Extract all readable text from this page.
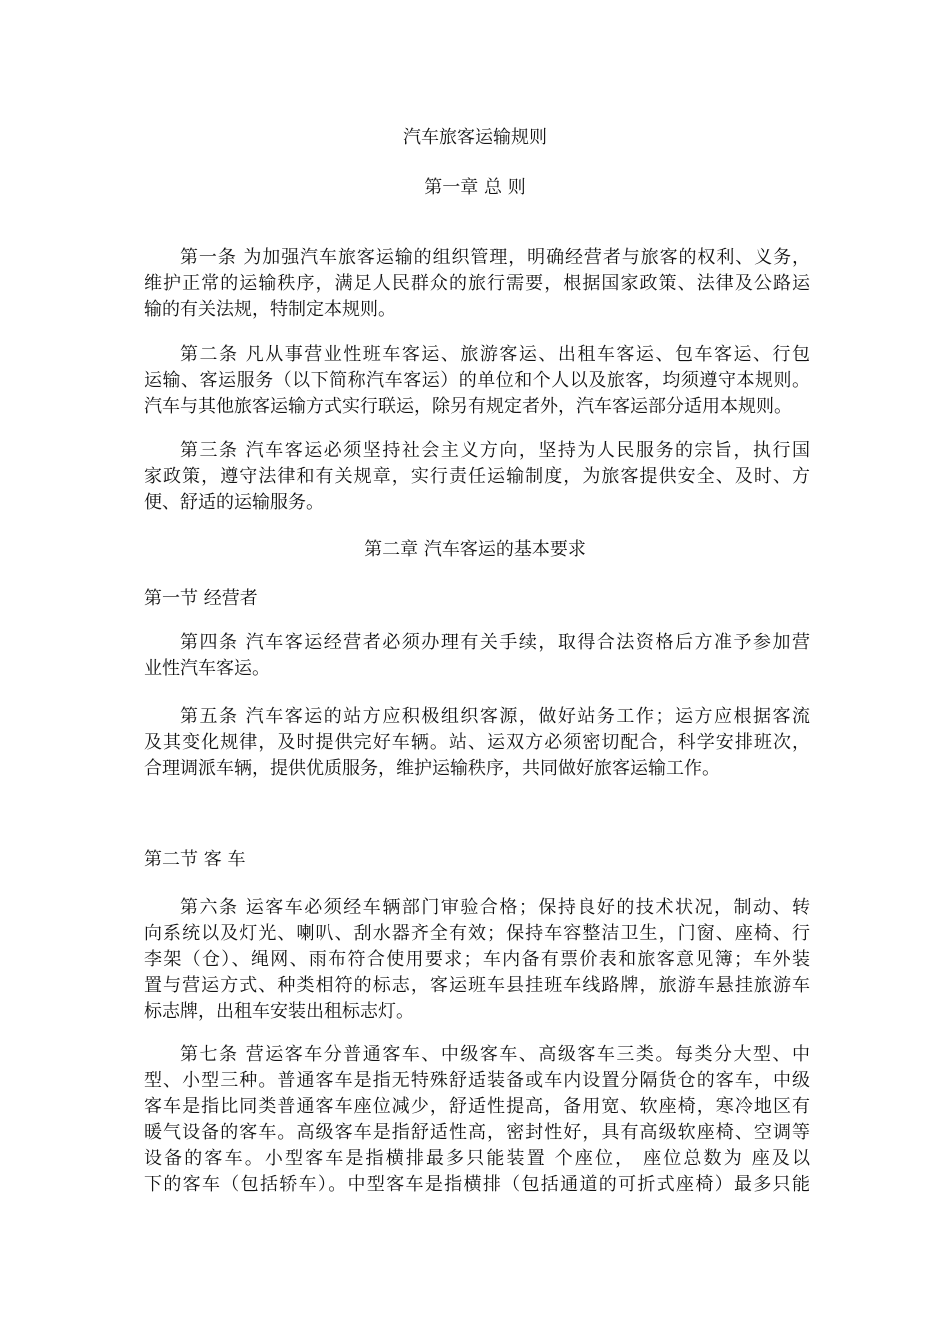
汽车旅客运输规则
第一章 总 则
第一条 为加强汽车旅客运输的组织管理，明确经营者与旅客的权利、义务，
维护正常的运输秩序，满足人民群众的旅行需要，根据国家政策、法律及公路运
输的有关法规，特制定本规则。
第二条 凡从事营业性班车客运、旅游客运、出租车客运、包车客运、行包
运输、客运服务（以下简称汽车客运）的单位和个人以及旅客，均须遵守本规则。
汽车与其他旅客运输方式实行联运，除另有规定者外，汽车客运部分适用本规则。
第三条 汽车客运必须坚持社会主义方向，坚持为人民服务的宗旨，执行国
家政策，遵守法律和有关规章，实行责任运输制度，为旅客提供安全、及时、方
便、舒适的运输服务。
第二章 汽车客运的基本要求
第一节 经营者
第四条 汽车客运经营者必须办理有关手续，取得合法资格后方准予参加营
业性汽车客运。
第五条 汽车客运的站方应积极组织客源，做好站务工作；运方应根据客流
及其变化规律，及时提供完好车辆。站、运双方必须密切配合，科学安排班次，
合理调派车辆，提供优质服务，维护运输秩序，共同做好旅客运输工作。
第二节 客 车
第六条 运客车必须经车辆部门审验合格；保持良好的技术状况，制动、转
向系统以及灯光、喇叭、刮水器齐全有效；保持车容整洁卫生，门窗、座椅、行
李架（仓）、绳网、雨布符合使用要求；车内备有票价表和旅客意见簿；车外装
置与营运方式、种类相符的标志，客运班车县挂班车线路牌，旅游车悬挂旅游车
标志牌，出租车安装出租标志灯。
第七条 营运客车分普通客车、中级客车、高级客车三类。每类分大型、中
型、小型三种。普通客车是指无特殊舒适装备或车内设置分隔货仓的客车，中级
客车是指比同类普通客车座位减少，舒适性提高，备用宽、软座椅，寒冷地区有
暖气设备的客车。高级客车是指舒适性高，密封性好，具有高级软座椅、空调等
设备的客车。小型客车是指横排最多只能装置 个座位， 座位总数为 座及以
下的客车（包括轿车）。中型客车是指横排（包括通道的可折式座椅）最多只能
